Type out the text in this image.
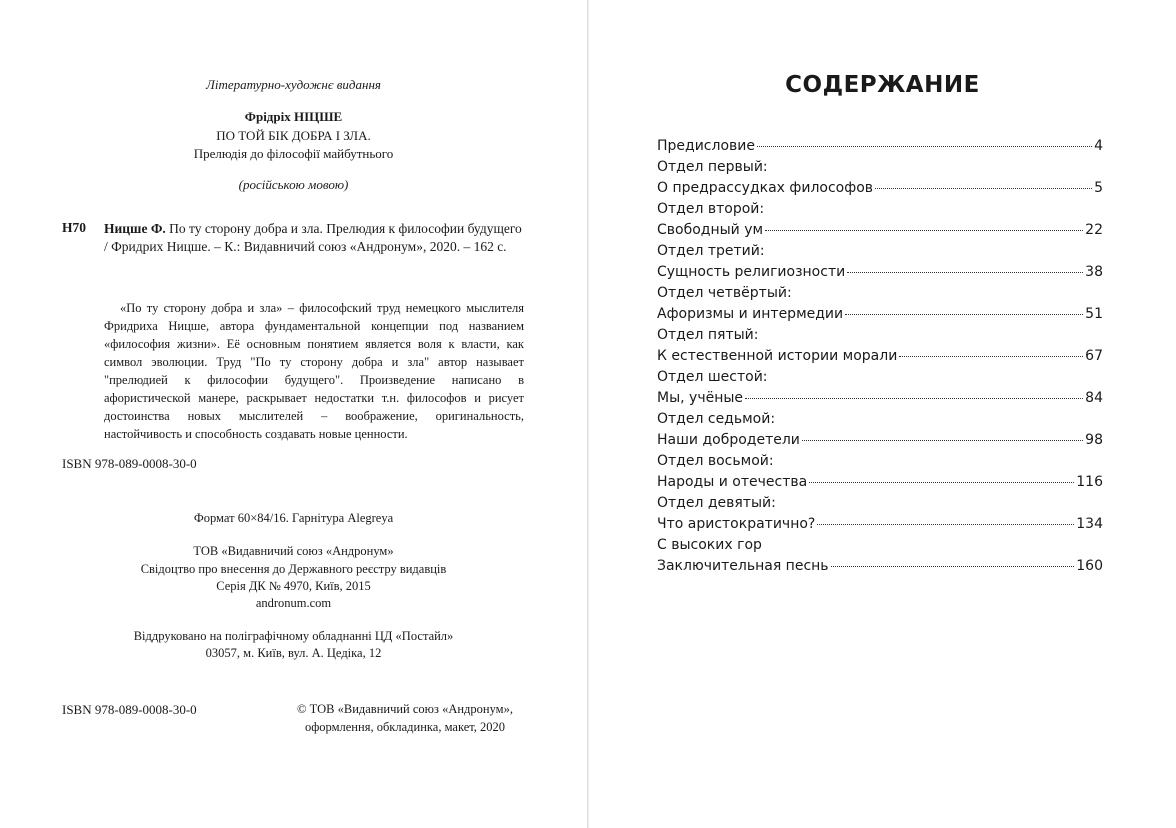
Літературно-художнє видання
Фрідріх НІЦШЕ
ПО ТОЙ БІК ДОБРА І ЗЛА.
Прелюдія до філософії майбутнього
(російською мовою)
Н70 Ницше Ф. По ту сторону добра и зла. Прелюдия к философии будущего / Фридрих Ницше. – К.: Видавничий союз «Андронум», 2020. – 162 с.
«По ту сторону добра и зла» – философский труд немецкого мыслителя Фридриха Ницше, автора фундаментальной концепции под названием «философия жизни». Её основным понятием является воля к власти, как символ эволюции. Труд "По ту сторону добра и зла" автор называет "прелюдией к философии будущего". Произведение написано в афористической манере, раскрывает недостатки т.н. философов и рисует достоинства новых мыслителей – воображение, оригинальность, настойчивость и способность создавать новые ценности.
ISBN 978-089-0008-30-0
Формат 60×84/16. Гарнітура Alegreya
ТОВ «Видавничий союз «Андронум»
Свідоцтво про внесення до Державного реєстру видавців
Серія ДК № 4970, Київ, 2015
andronum.com
Віддруковано на поліграфічному обладнанні ЦД «Постайл»
03057, м. Київ, вул. А. Цедіка, 12
ISBN 978-089-0008-30-0	© ТОВ «Видавничий союз «Андронум»,
оформлення, обкладинка, макет, 2020
СОДЕРЖАНИЕ
Предисловие	4
Отдел первый:
О предрассудках философов	5
Отдел второй:
Свободный ум	22
Отдел третий:
Сущность религиозности	38
Отдел четвёртый:
Афоризмы и интермедии	51
Отдел пятый:
К естественной истории морали	67
Отдел шестой:
Мы, учёные	84
Отдел седьмой:
Наши добродетели	98
Отдел восьмой:
Народы и отечества	116
Отдел девятый:
Что аристократично?	134
С высоких гор
Заключительная песнь	160
